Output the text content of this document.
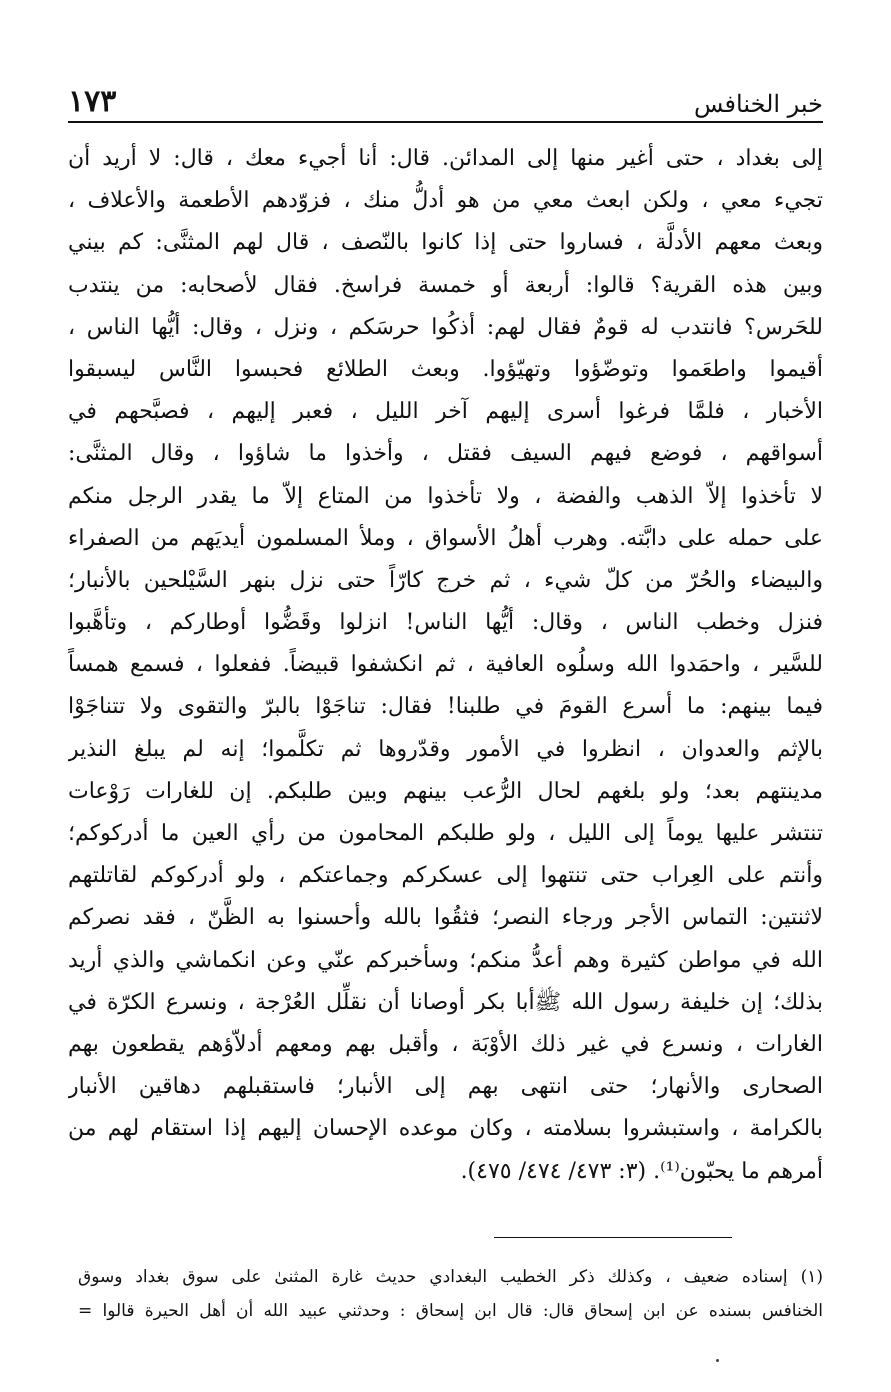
١٧٣	خبر الخنافس
إلى بغداد ، حتى أغير منها إلى المدائن. قال: أنا أجيء معك ، قال: لا أريد أن
تجيء معي ، ولكن ابعث معي من هو أدلُّ منك ، فزوّدهم الأطعمة والأعلاف ،
وبعث معهم الأدلَّة ، فساروا حتى إذا كانوا بالنّصف ، قال لهم المثنَّى: كم بيني
وبين هذه القرية؟ قالوا: أربعة أو خمسة فراسخ. فقال لأصحابه: من ينتدب
للحَرس؟ فانتدب له قومٌ فقال لهم: أذكُوا حرسَكم ، ونزل ، وقال: أيُّها الناس ،
أقيموا واطعَموا وتوضّؤوا وتهيّؤوا. وبعث الطلائع فحبسوا النَّاس ليسبقوا
الأخبار ، فلمَّا فرغوا أسرى إليهم آخر الليل ، فعبر إليهم ، فصبَّحهم في
أسواقهم ، فوضع فيهم السيف فقتل ، وأخذوا ما شاؤوا ، وقال المثنَّى:
لا تأخذوا إلاّ الذهب والفضة ، ولا تأخذوا من المتاع إلاّ ما يقدر الرجل منكم
على حمله على دابَّته. وهرب أهلُ الأسواق ، وملأ المسلمون أيديَهم من الصفراء
والبيضاء والحُرّ من كلّ شيء ، ثم خرج كارّاً حتى نزل بنهر السَّيْلحين بالأنبار؛
فنزل وخطب الناس ، وقال: أيُّها الناس! انزلوا وقَضُّوا أوطاركم ، وتأهَّبوا
للسَّير ، واحمَدوا الله وسلُوه العافية ، ثم انكشفوا قبيضاً. ففعلوا ، فسمع همساً
فيما بينهم: ما أسرع القومَ في طلبنا! فقال: تناجَوْا بالبرّ والتقوى ولا تتناجَوْا
بالإثم والعدوان ، انظروا في الأمور وقدّروها ثم تكلَّموا؛ إنه لم يبلغ النذير
مدينتهم بعد؛ ولو بلغهم لحال الرُّعب بينهم وبين طلبكم. إن للغارات رَوْعات
تنتشر عليها يوماً إلى الليل ، ولو طلبكم المحامون من رأي العين ما أدركوكم؛
وأنتم على العِراب حتى تنتهوا إلى عسكركم وجماعتكم ، ولو أدركوكم لقاتلتهم
لاثنتين: التماس الأجر ورجاء النصر؛ فثقُوا بالله وأحسنوا به الظَّنّ ، فقد نصركم
الله في مواطن كثيرة وهم أعدُّ منكم؛ وسأخبركم عنّي وعن انكماشي والذي أريد
بذلك؛ إن خليفة رسول الله ﷺأبا بكر أوصانا أن نقلِّل العُرْجة ، ونسرع الكرّة في
الغارات ، ونسرع في غير ذلك الأوْبَة ، وأقبل بهم ومعهم أدلاّؤهم يقطعون بهم
الصحارى والأنهار؛ حتى انتهى بهم إلى الأنبار؛ فاستقبلهم دهاقين الأنبار
بالكرامة ، واستبشروا بسلامته ، وكان موعده الإحسان إليهم إذا استقام لهم من
أمرهم ما يحبّون⁽¹⁾. (٣: ٤٧٣/ ٤٧٤/ ٤٧٥).
(١) إسناده ضعيف ، وكذلك ذكر الخطيب البغدادي حديث غارة المثنىٰ على سوق بغداد وسوق
الخنافس بسنده عن ابن إسحاق قال: قال ابن إسحاق : وحدثني عبيد الله أن أهل الحيرة قالوا =
